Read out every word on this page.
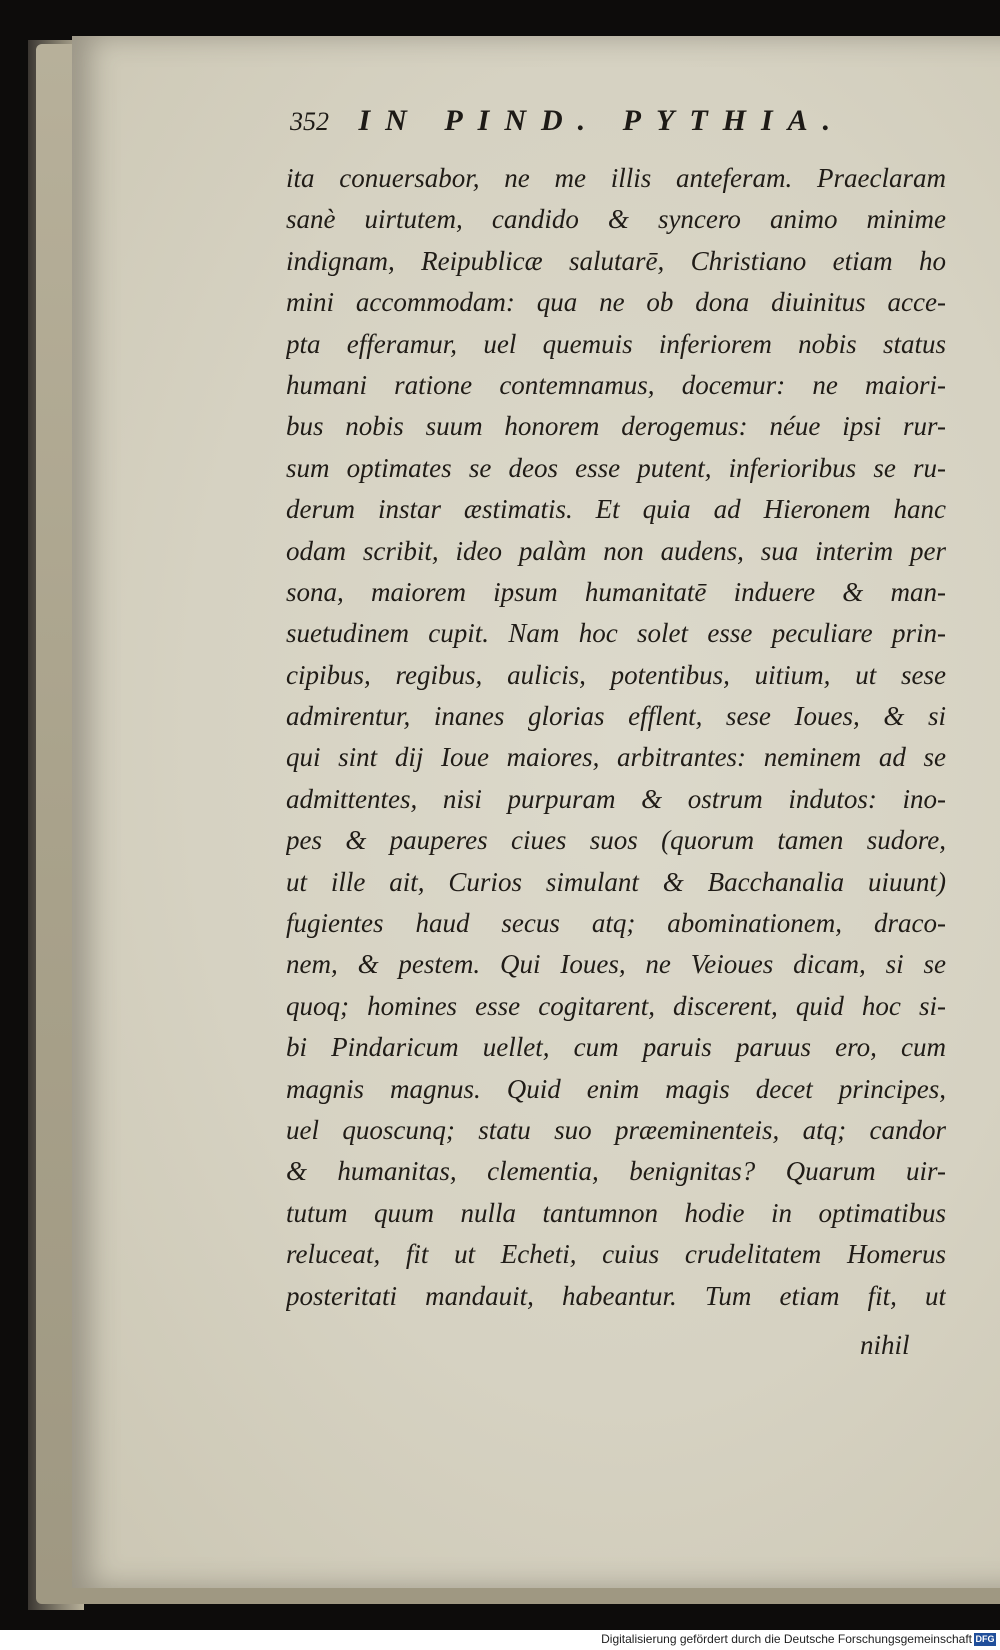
352 IN PIND. PYTHIA.
ita conuersabor, ne me illis anteferam. Praeclaram
sanè uirtutem, candido & syncero animo minime
indignam, Reipublicæ salutarē, Christiano etiam ho
mini accommodam: qua ne ob dona diuinitus acce-
pta efferamur, uel quemuis inferiorem nobis status
humani ratione contemnamus, docemur: ne maiori-
bus nobis suum honorem derogemus: néue ipsi rur-
sum optimates se deos esse putent, inferioribus se ru-
derum instar æstimatis. Et quia ad Hieronem hanc
odam scribit, ideo palàm non audens, sua interim per
sona, maiorem ipsum humanitatē induere & man-
suetudinem cupit. Nam hoc solet esse peculiare prin-
cipibus, regibus, aulicis, potentibus, uitium, ut sese
admirentur, inanes glorias efflent, sese Ioues, & si
qui sint dij Ioue maiores, arbitrantes: neminem ad se
admittentes, nisi purpuram & ostrum indutos: ino-
pes & pauperes ciues suos (quorum tamen sudore,
ut ille ait, Curios simulant & Bacchanalia uiuunt)
fugientes haud secus atq; abominationem, draco-
nem, & pestem. Qui Ioues, ne Veioues dicam, si se
quoq; homines esse cogitarent, discerent, quid hoc si-
bi Pindaricum uellet, cum paruis paruus ero, cum
magnis magnus. Quid enim magis decet principes,
uel quoscunq; statu suo præeminenteis, atq; candor
& humanitas, clementia, benignitas? Quarum uir-
tutum quum nulla tantumnon hodie in optimatibus
reluceat, fit ut Echeti, cuius crudelitatem Homerus
posteritati mandauit, habeantur. Tum etiam fit, ut
nihil
Digitalisierung gefördert durch die Deutsche Forschungsgemeinschaft DFG
